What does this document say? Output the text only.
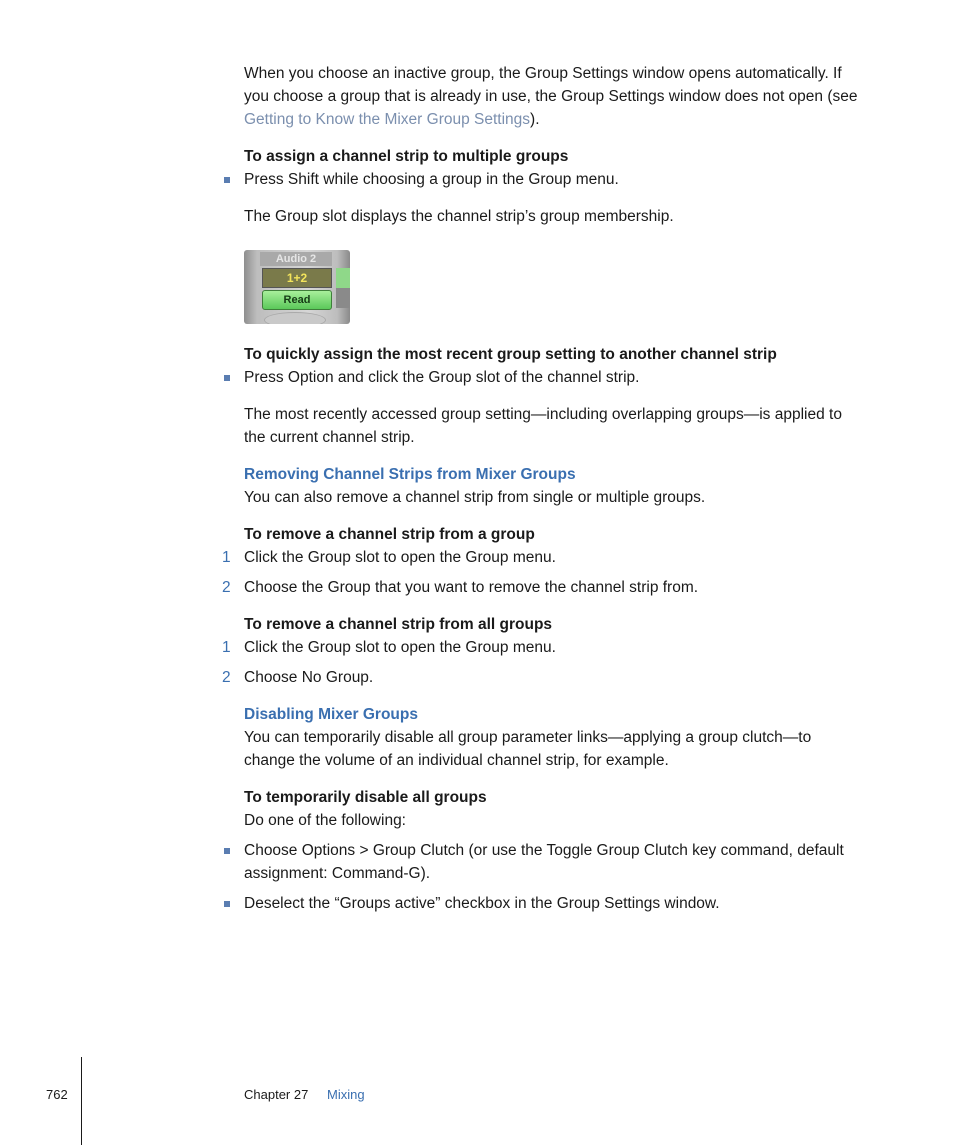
When you choose an inactive group, the Group Settings window opens automatically. If

you choose a group that is already in use, the Group Settings window does not open (see

Getting to Know the Mixer Group Settings).

To assign a channel strip to multiple groups

Press Shift while choosing a group in the Group menu.

The Group slot displays the channel strip’s group membership.

Audio 2
1+2
Read

To quickly assign the most recent group setting to another channel strip

Press Option and click the Group slot of the channel strip.

The most recently accessed group setting—including overlapping groups—is applied to

the current channel strip.

Removing Channel Strips from Mixer Groups

You can also remove a channel strip from single or multiple groups.

To remove a channel strip from a group

1 Click the Group slot to open the Group menu.

2 Choose the Group that you want to remove the channel strip from.

To remove a channel strip from all groups

1 Click the Group slot to open the Group menu.

2 Choose No Group.

Disabling Mixer Groups

You can temporarily disable all group parameter links—applying a group clutch—to

change the volume of an individual channel strip, for example.

To temporarily disable all groups

Do one of the following:

Choose Options > Group Clutch (or use the Toggle Group Clutch key command, default

assignment: Command-G).

Deselect the “Groups active” checkbox in the Group Settings window.

762	Chapter 27 Mixing
